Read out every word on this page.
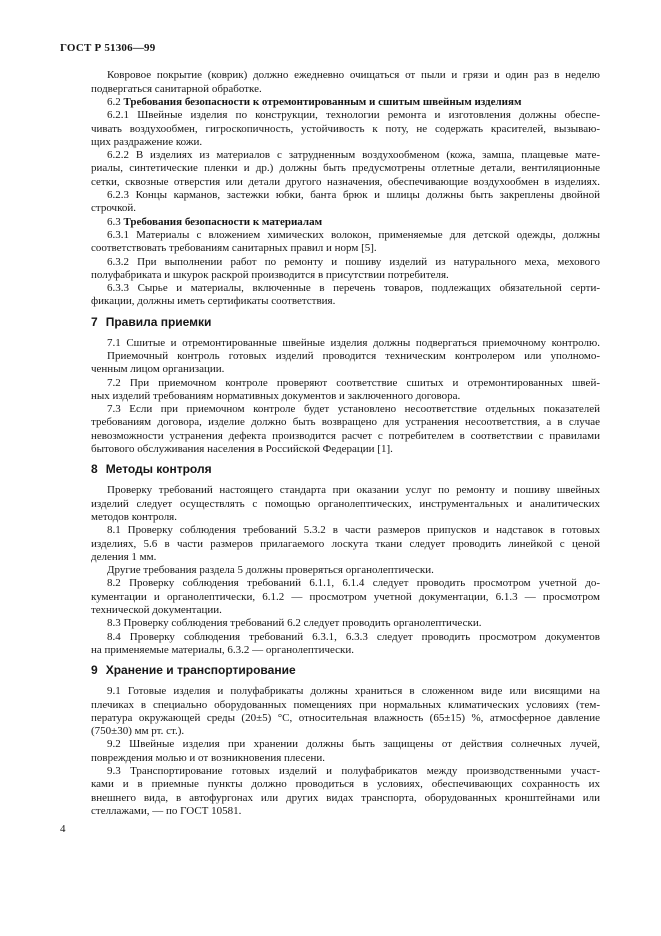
ГОСТ Р 51306—99
Ковровое покрытие (коврик) должно ежедневно очищаться от пыли и грязи и один раз в неделю
подвергаться санитарной обработке.
6.2 Требования безопасности к отремонтированным и сшитым швейным изделиям
6.2.1 Швейные изделия по конструкции, технологии ремонта и изготовления должны обеспе-
чивать воздухообмен, гигроскопичность, устойчивость к поту, не содержать красителей, вызываю-
щих раздражение кожи.
6.2.2 В изделиях из материалов с затрудненным воздухообменом (кожа, замша, плащевые мате-
риалы, синтетические пленки и др.) должны быть предусмотрены отлетные детали, вентиляционные
сетки, сквозные отверстия или детали другого назначения, обеспечивающие воздухообмен в изделиях.
6.2.3 Концы карманов, застежки юбки, банта брюк и шлицы должны быть закреплены двойной
строчкой.
6.3 Требования безопасности к материалам
6.3.1 Материалы с вложением химических волокон, применяемые для детской одежды, должны
соответствовать требованиям санитарных правил и норм [5].
6.3.2 При выполнении работ по ремонту и пошиву изделий из натурального меха, мехового
полуфабриката и шкурок раскрой производится в присутствии потребителя.
6.3.3 Сырье и материалы, включенные в перечень товаров, подлежащих обязательной серти-
фикации, должны иметь сертификаты соответствия.
7 Правила приемки
7.1 Сшитые и отремонтированные швейные изделия должны подвергаться приемочному контролю.
Приемочный контроль готовых изделий проводится техническим контролером или уполномо-
ченным лицом организации.
7.2 При приемочном контроле проверяют соответствие сшитых и отремонтированных швей-
ных изделий требованиям нормативных документов и заключенного договора.
7.3 Если при приемочном контроле будет установлено несоответствие отдельных показателей
требованиям договора, изделие должно быть возвращено для устранения несоответствия, а в случае
невозможности устранения дефекта производится расчет с потребителем в соответствии с правилами
бытового обслуживания населения в Российской Федерации [1].
8 Методы контроля
Проверку требований настоящего стандарта при оказании услуг по ремонту и пошиву швейных
изделий следует осуществлять с помощью органолептических, инструментальных и аналитических
методов контроля.
8.1 Проверку соблюдения требований 5.3.2 в части размеров припусков и надставок в готовых
изделиях, 5.6 в части размеров прилагаемого лоскута ткани следует проводить линейкой с ценой
деления 1 мм.
Другие требования раздела 5 должны проверяться органолептически.
8.2 Проверку соблюдения требований 6.1.1, 6.1.4 следует проводить просмотром учетной до-
кументации и органолептически, 6.1.2 — просмотром учетной документации, 6.1.3 — просмотром
технической документации.
8.3 Проверку соблюдения требований 6.2 следует проводить органолептически.
8.4 Проверку соблюдения требований 6.3.1, 6.3.3 следует проводить просмотром документов
на применяемые материалы, 6.3.2 — органолептически.
9 Хранение и транспортирование
9.1 Готовые изделия и полуфабрикаты должны храниться в сложенном виде или висящими на
плечиках в специально оборудованных помещениях при нормальных климатических условиях (тем-
пература окружающей среды (20±5) °С, относительная влажность (65±15) %, атмосферное давление
(750±30) мм рт. ст.).
9.2 Швейные изделия при хранении должны быть защищены от действия солнечных лучей,
повреждения молью и от возникновения плесени.
9.3 Транспортирование готовых изделий и полуфабрикатов между производственными участ-
ками и в приемные пункты должно проводиться в условиях, обеспечивающих сохранность их
внешнего вида, в автофургонах или других видах транспорта, оборудованных кронштейнами или
стеллажами, — по ГОСТ 10581.
4
